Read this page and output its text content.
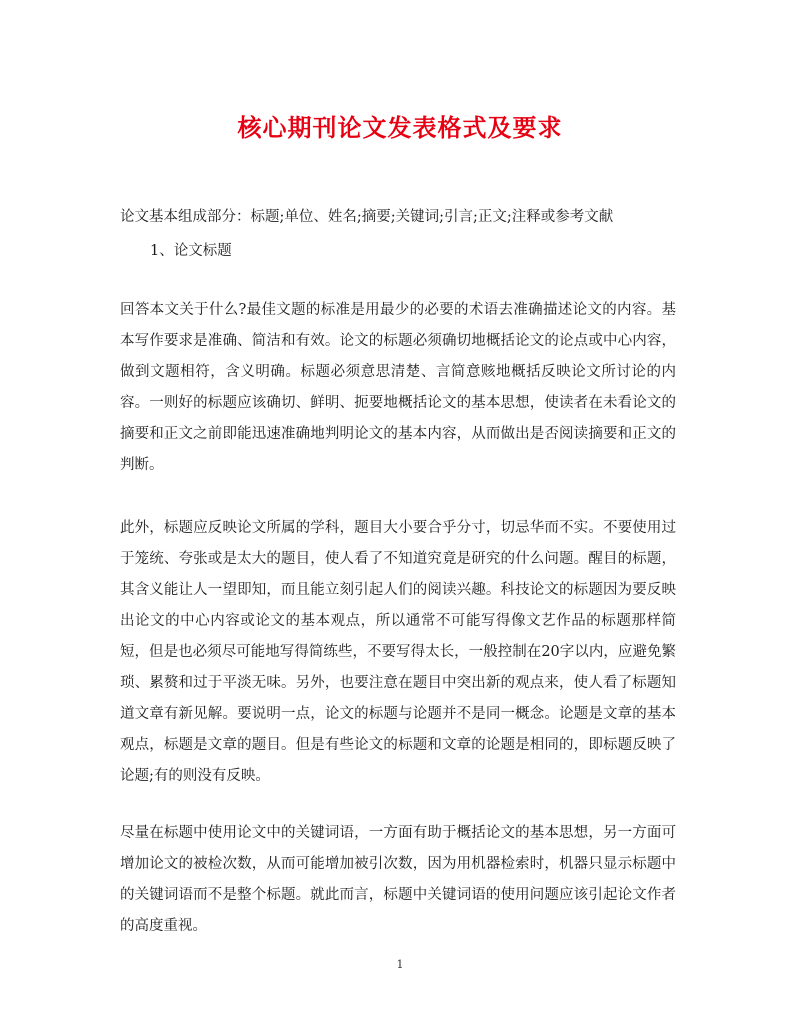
核心期刊论文发表格式及要求
论文基本组成部分：标题;单位、姓名;摘要;关键词;引言;正文;注释或参考文献
1、论文标题
回答本文关于什么?最佳文题的标准是用最少的必要的术语去准确描述论文的内容。基本写作要求是准确、简洁和有效。论文的标题必须确切地概括论文的论点或中心内容，做到文题相符，含义明确。标题必须意思清楚、言简意赅地概括反映论文所讨论的内容。一则好的标题应该确切、鲜明、扼要地概括论文的基本思想，使读者在未看论文的摘要和正文之前即能迅速准确地判明论文的基本内容，从而做出是否阅读摘要和正文的判断。
此外，标题应反映论文所属的学科，题目大小要合乎分寸，切忌华而不实。不要使用过于笼统、夸张或是太大的题目，使人看了不知道究竟是研究的什么问题。醒目的标题，其含义能让人一望即知，而且能立刻引起人们的阅读兴趣。科技论文的标题因为要反映出论文的中心内容或论文的基本观点，所以通常不可能写得像文艺作品的标题那样简短，但是也必须尽可能地写得简练些，不要写得太长，一般控制在20字以内，应避免繁琐、累赘和过于平淡无味。另外，也要注意在题目中突出新的观点来，使人看了标题知道文章有新见解。要说明一点，论文的标题与论题并不是同一概念。论题是文章的基本观点，标题是文章的题目。但是有些论文的标题和文章的论题是相同的，即标题反映了论题;有的则没有反映。
尽量在标题中使用论文中的关键词语，一方面有助于概括论文的基本思想，另一方面可增加论文的被检次数，从而可能增加被引次数，因为用机器检索时，机器只显示标题中的关键词语而不是整个标题。就此而言，标题中关键词语的使用问题应该引起论文作者的高度重视。
1
